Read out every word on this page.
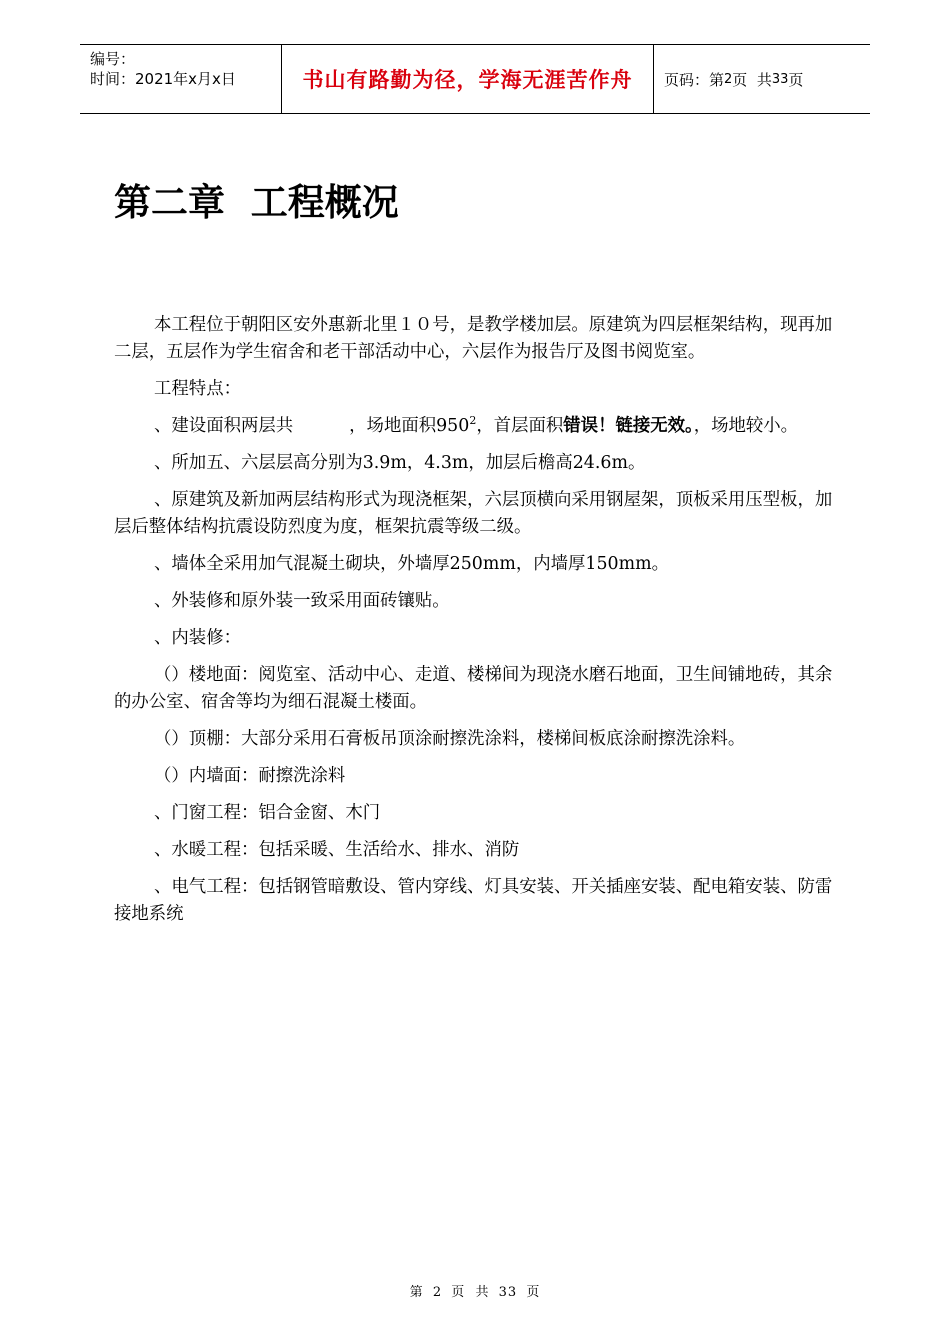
编号：
时间：2021年x月x日	书山有路勤为径，学海无涯苦作舟	页码：第 2 页  共 33 页
第二章  工程概况

本工程位于朝阳区安外惠新北里１０号，是教学楼加层。原建筑为四层框架结构，现再加二层，五层作为学生宿舍和老干部活动中心，六层作为报告厅及图书阅览室。

工程特点：

、建设面积两层共	，场地面积$950^2$，首层面积错误！链接无效。，场地较小。

、所加五、六层层高分别为3.9m，4.3m，加层后檐高24.6m。

、原建筑及新加两层结构形式为现浇框架，六层顶横向采用钢屋架，顶板采用压型板，加层后整体结构抗震设防烈度为度，框架抗震等级二级。

、墙体全采用加气混凝土砌块，外墙厚250mm，内墙厚150mm。

、外装修和原外装一致采用面砖镶贴。

、内装修：

（）楼地面：阅览室、活动中心、走道、楼梯间为现浇水磨石地面，卫生间铺地砖，其余的办公室、宿舍等均为细石混凝土楼面。

（）顶棚：大部分采用石膏板吊顶涂耐擦洗涂料，楼梯间板底涂耐擦洗涂料。

（）内墙面：耐擦洗涂料

、门窗工程：铝合金窗、木门

、水暖工程：包括采暖、生活给水、排水、消防

、电气工程：包括钢管暗敷设、管内穿线、灯具安装、开关插座安装、配电箱安装、防雷接地系统

第 2 页  共 33 页
